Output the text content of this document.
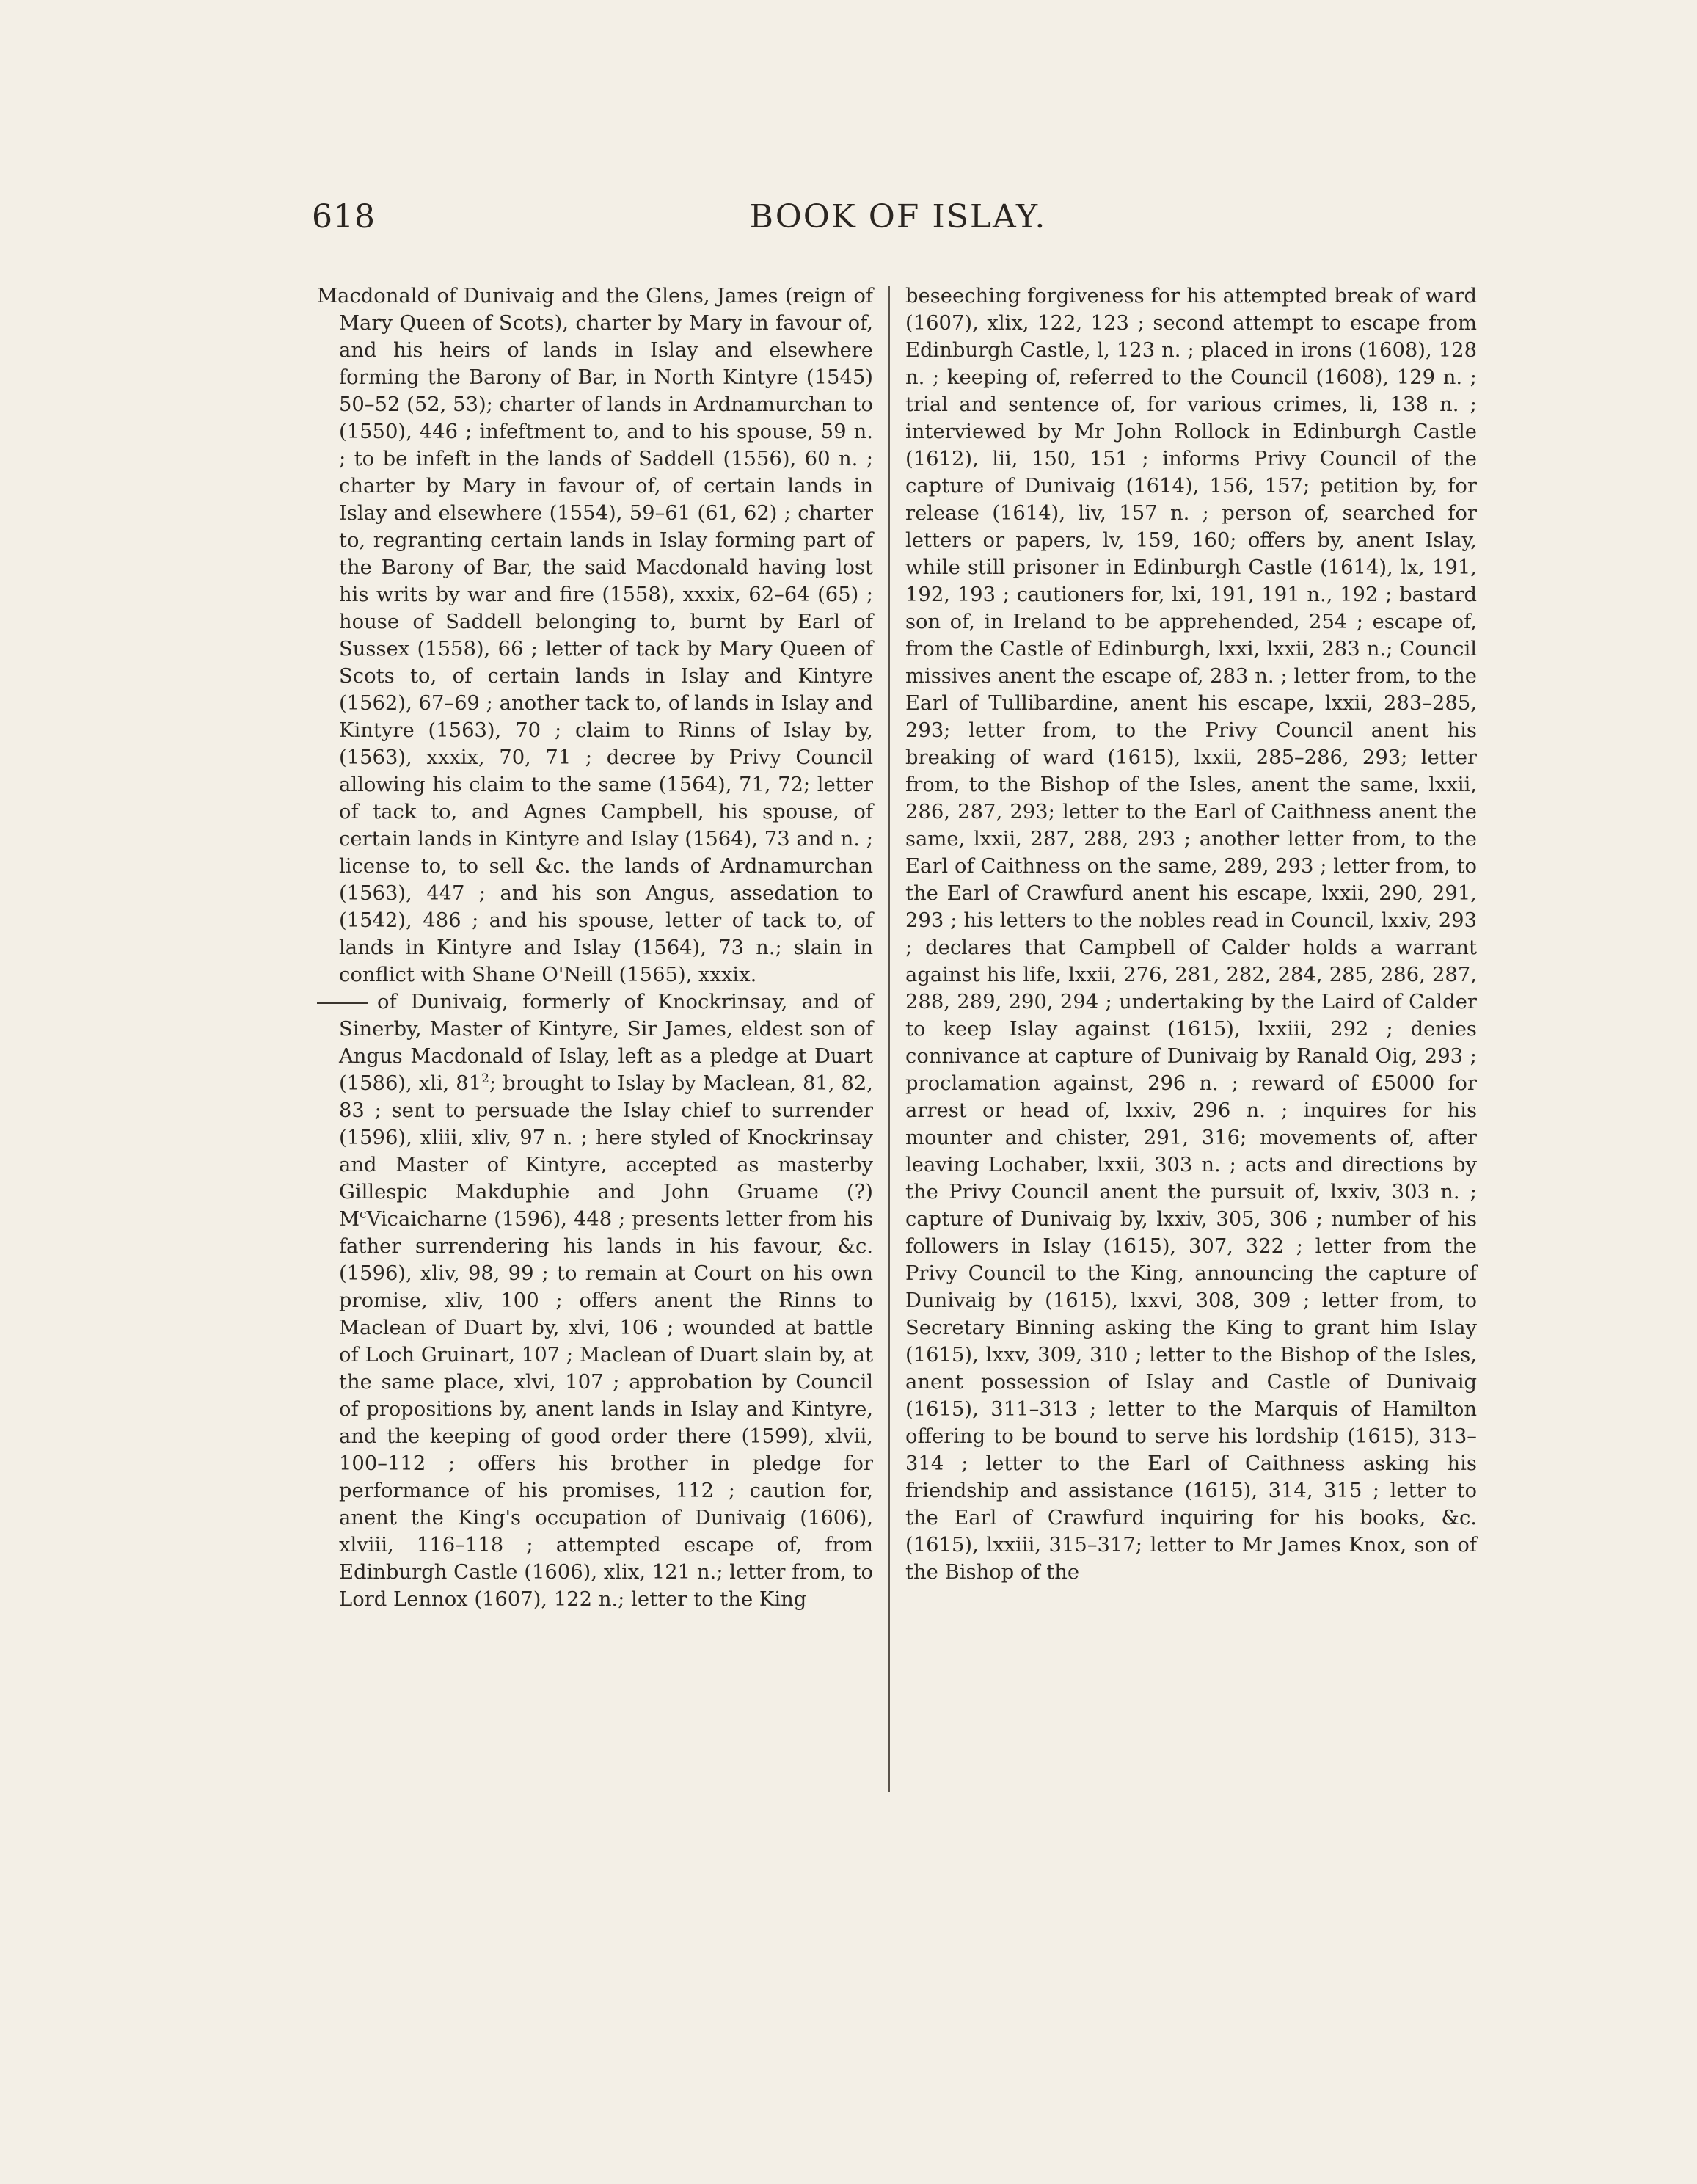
618	BOOK OF ISLAY.

Macdonald of Dunivaig and the Glens, James (reign of Mary Queen of Scots), charter by Mary in favour of, and his heirs of lands in Islay and elsewhere forming the Barony of Bar, in North Kintyre (1545) 50–52 (52, 53); charter of lands in Ardnamurchan to (1550), 446 ; infeftment to, and to his spouse, 59 n. ; to be infeft in the lands of Saddell (1556), 60 n. ; charter by Mary in favour of, of certain lands in Islay and elsewhere (1554), 59–61 (61, 62) ; charter to, regranting certain lands in Islay forming part of the Barony of Bar, the said Macdonald having lost his writs by war and fire (1558), xxxix, 62–64 (65) ; house of Saddell belonging to, burnt by Earl of Sussex (1558), 66 ; letter of tack by Mary Queen of Scots to, of certain lands in Islay and Kintyre (1562), 67–69 ; another tack to, of lands in Islay and Kintyre (1563), 70 ; claim to Rinns of Islay by, (1563), xxxix, 70, 71 ; decree by Privy Council allowing his claim to the same (1564), 71, 72; letter of tack to, and Agnes Campbell, his spouse, of certain lands in Kintyre and Islay (1564), 73 and n. ; license to, to sell &c. the lands of Ardnamurchan (1563), 447 ; and his son Angus, assedation to (1542), 486 ; and his spouse, letter of tack to, of lands in Kintyre and Islay (1564), 73 n.; slain in conflict with Shane O'Neill (1565), xxxix.

of Dunivaig, formerly of Knockrinsay, and of Sinerby, Master of Kintyre, Sir James, eldest son of Angus Macdonald of Islay, left as a pledge at Duart (1586), xli, $81^2$; brought to Islay by Maclean, 81, 82, 83 ; sent to persuade the Islay chief to surrender (1596), xliii, xliv, 97 n. ; here styled of Knockrinsay and Master of Kintyre, accepted as masterby Gillespic Makduphie and John Gruame (?) $M^cVicaicharne$ (1596), 448 ; presents letter from his father surrendering his lands in his favour, &c. (1596), xliv, 98, 99 ; to remain at Court on his own promise, xliv, 100 ; offers anent the Rinns to Maclean of Duart by, xlvi, 106 ; wounded at battle of Loch Gruinart, 107 ; Maclean of Duart slain by, at the same place, xlvi, 107 ; approbation by Council of propositions by, anent lands in Islay and Kintyre, and the keeping of good order there (1599), xlvii, 100–112 ; offers his brother in pledge for performance of his promises, 112 ; caution for, anent the King's occupation of Dunivaig (1606), xlviii, 116–118 ; attempted escape of, from Edinburgh Castle (1606), xlix, 121 n.; letter from, to Lord Lennox (1607), 122 n.; letter to the King

beseeching forgiveness for his attempted break of ward (1607), xlix, 122, 123 ; second attempt to escape from Edinburgh Castle, l, 123 n. ; placed in irons (1608), 128 n. ; keeping of, referred to the Council (1608), 129 n. ; trial and sentence of, for various crimes, li, 138 n. ; interviewed by Mr John Rollock in Edinburgh Castle (1612), lii, 150, 151 ; informs Privy Council of the capture of Dunivaig (1614), 156, 157; petition by, for release (1614), liv, 157 n. ; person of, searched for letters or papers, lv, 159, 160; offers by, anent Islay, while still prisoner in Edinburgh Castle (1614), lx, 191, 192, 193 ; cautioners for, lxi, 191, 191 n., 192 ; bastard son of, in Ireland to be apprehended, 254 ; escape of, from the Castle of Edinburgh, lxxi, lxxii, 283 n.; Council missives anent the escape of, 283 n. ; letter from, to the Earl of Tullibardine, anent his escape, lxxii, 283–285, 293; letter from, to the Privy Council anent his breaking of ward (1615), lxxii, 285–286, 293; letter from, to the Bishop of the Isles, anent the same, lxxii, 286, 287, 293; letter to the Earl of Caithness anent the same, lxxii, 287, 288, 293 ; another letter from, to the Earl of Caithness on the same, 289, 293 ; letter from, to the Earl of Crawfurd anent his escape, lxxii, 290, 291, 293 ; his letters to the nobles read in Council, lxxiv, 293 ; declares that Campbell of Calder holds a warrant against his life, lxxii, 276, 281, 282, 284, 285, 286, 287, 288, 289, 290, 294 ; undertaking by the Laird of Calder to keep Islay against (1615), lxxiii, 292 ; denies connivance at capture of Dunivaig by Ranald Oig, 293 ; proclamation against, 296 n. ; reward of £5000 for arrest or head of, lxxiv, 296 n. ; inquires for his mounter and chister, 291, 316; movements of, after leaving Lochaber, lxxii, 303 n. ; acts and directions by the Privy Council anent the pursuit of, lxxiv, 303 n. ; capture of Dunivaig by, lxxiv, 305, 306 ; number of his followers in Islay (1615), 307, 322 ; letter from the Privy Council to the King, announcing the capture of Dunivaig by (1615), lxxvi, 308, 309 ; letter from, to Secretary Binning asking the King to grant him Islay (1615), lxxv, 309, 310 ; letter to the Bishop of the Isles, anent possession of Islay and Castle of Dunivaig (1615), 311–313 ; letter to the Marquis of Hamilton offering to be bound to serve his lordship (1615), 313–314 ; letter to the Earl of Caithness asking his friendship and assistance (1615), 314, 315 ; letter to the Earl of Crawfurd inquiring for his books, &c. (1615), lxxiii, 315–317; letter to Mr James Knox, son of the Bishop of the
